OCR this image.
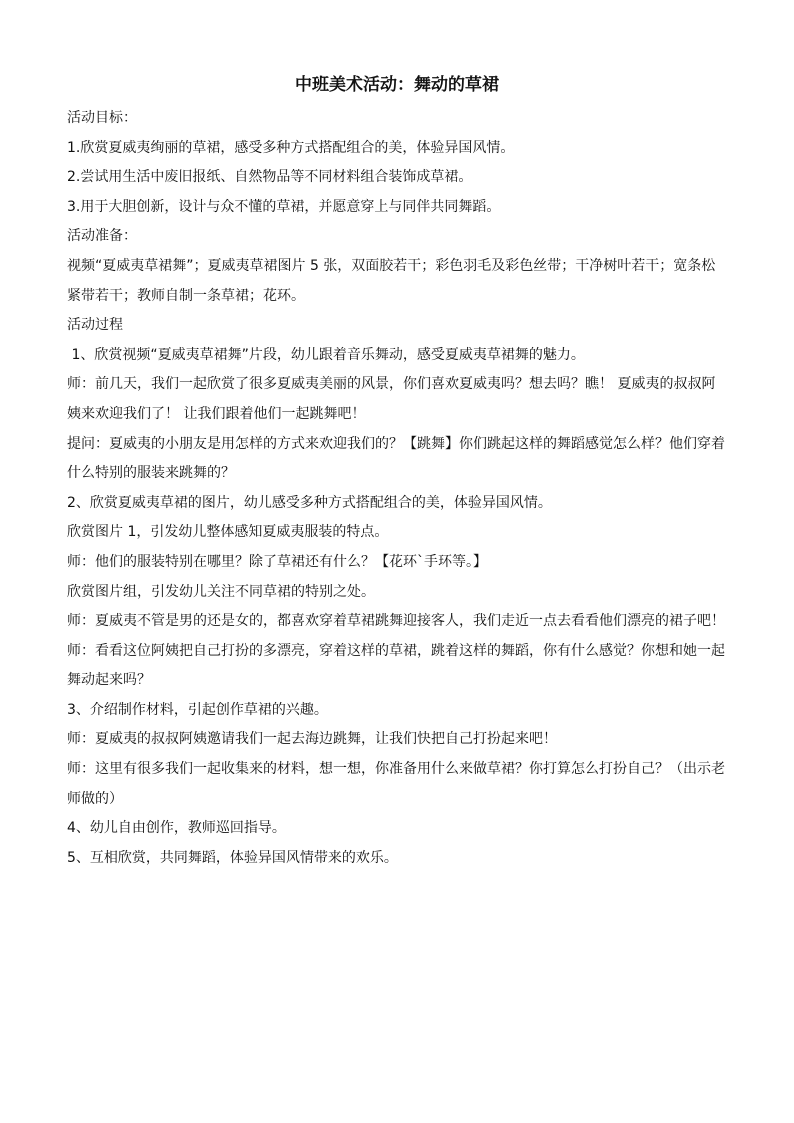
中班美术活动：舞动的草裙

活动目标：

1.欣赏夏威夷绚丽的草裙，感受多种方式搭配组合的美，体验异国风情。

2.尝试用生活中废旧报纸、自然物品等不同材料组合装饰成草裙。

3.用于大胆创新，设计与众不懂的草裙，并愿意穿上与同伴共同舞蹈。

活动准备：

视频“夏威夷草裙舞”；夏威夷草裙图片 5 张，双面胶若干；彩色羽毛及彩色丝带；干净树叶若干；宽条松紧带若干；教师自制一条草裙；花环。

活动过程

1、欣赏视频“夏威夷草裙舞”片段，幼儿跟着音乐舞动，感受夏威夷草裙舞的魅力。

师：前几天，我们一起欣赏了很多夏威夷美丽的风景，你们喜欢夏威夷吗？想去吗？瞧！ 夏威夷的叔叔阿姨来欢迎我们了！ 让我们跟着他们一起跳舞吧！

提问：夏威夷的小朋友是用怎样的方式来欢迎我们的？【跳舞】你们跳起这样的舞蹈感觉怎么样？他们穿着什么特别的服装来跳舞的？

2、欣赏夏威夷草裙的图片，幼儿感受多种方式搭配组合的美，体验异国风情。

欣赏图片 1，引发幼儿整体感知夏威夷服装的特点。

师：他们的服装特别在哪里？除了草裙还有什么？【花环`手环等。】

欣赏图片组，引发幼儿关注不同草裙的特别之处。

师：夏威夷不管是男的还是女的，都喜欢穿着草裙跳舞迎接客人，我们走近一点去看看他们漂亮的裙子吧！

师：看看这位阿姨把自己打扮的多漂亮，穿着这样的草裙，跳着这样的舞蹈，你有什么感觉？你想和她一起舞动起来吗？

3、介绍制作材料，引起创作草裙的兴趣。

师：夏威夷的叔叔阿姨邀请我们一起去海边跳舞，让我们快把自己打扮起来吧！

师：这里有很多我们一起收集来的材料，想一想，你准备用什么来做草裙？你打算怎么打扮自己？（出示老师做的）

4、幼儿自由创作，教师巡回指导。

5、互相欣赏，共同舞蹈，体验异国风情带来的欢乐。
